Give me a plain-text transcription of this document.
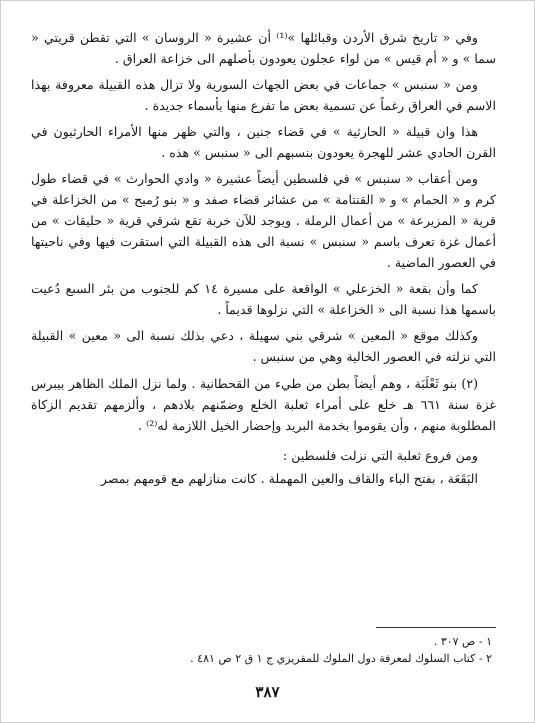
وفي « تاريخ شرق الأردن وقبائلها »⁽¹⁾ أن عشيرة « الروسان » التي تقطن قريتي « سما » و « أم قيس » من لواء عجلون يعودون بأصلهم الى خزاعة العراق .

ومن « سنبس » جماعات في بعض الجهات السورية ولا تزال هذه القبيلة معروفة بهذا الاسم في العراق رغماً عن تسمية بعض ما تفرع منها بأسماء جديدة .

هذا وان قبيلة « الحارثية » في قضاء جنين ، والتي ظهر منها الأمراء الحارثيون في القرن الحادي عشر للهجرة يعودون بنسبهم الى « سنبس » هذه .

ومن أعقاب « سنبس » في فلسطين أيضاً عشيرة « وادي الحوارث » في قضاء طول كرم و « الحمام » و « القنتامة » من عشائر قضاء صفد و « بنو رُميح » من الخزاعلة في قرية « المزيرعة » من أعمال الرملة . ويوجد للآن خربة تقع شرقي قرية « حليقات » من أعمال غزة تعرف باسم « سنبس » نسبة الى هذه القبيلة التي استقرت فيها وفي ناحيتها في العصور الماضية .

كما وأن بقعة « الخزعلي » الواقعة على مسيرة ١٤ كم للجنوب من بئر السبع دُعيت باسمها هذا نسبة الى « الخزاعلة » التي نزلوها قديماً .

وكذلك موقع « المعين » شرقي بني سهيلة ، دعي بذلك نسبة الى « معين » القبيلة التي نزلته في العصور الخالية وهي من سنبس .

(٢) بنو ثَعْلَبَة ، وهم أيضاً بطن من طيء من القحطانية . ولما نزل الملك الظاهر بيبرس غزة سنة ٦٦١ هـ خلع على أمراء ثعلبة الخلع وضمّنهم بلادهم ، وألزمهم تقديم الزكاة المطلوبة منهم ، وأن يقوموا بخدمة البريد وإحضار الخيل اللازمة له⁽²⁾ .

ومن فروع ثعلبة التي نزلت فلسطين :

البَقَعَة ، بفتح الباء والقاف والعين المهملة . كانت منازلهم مع قومهم بمصر

١ - ص ٣٠٧ .
٢ - كتاب السلوك لمعرفة دول الملوك للمقريزي ج ١ ق ٢ ص ٤٨١ .
٣٨٧
